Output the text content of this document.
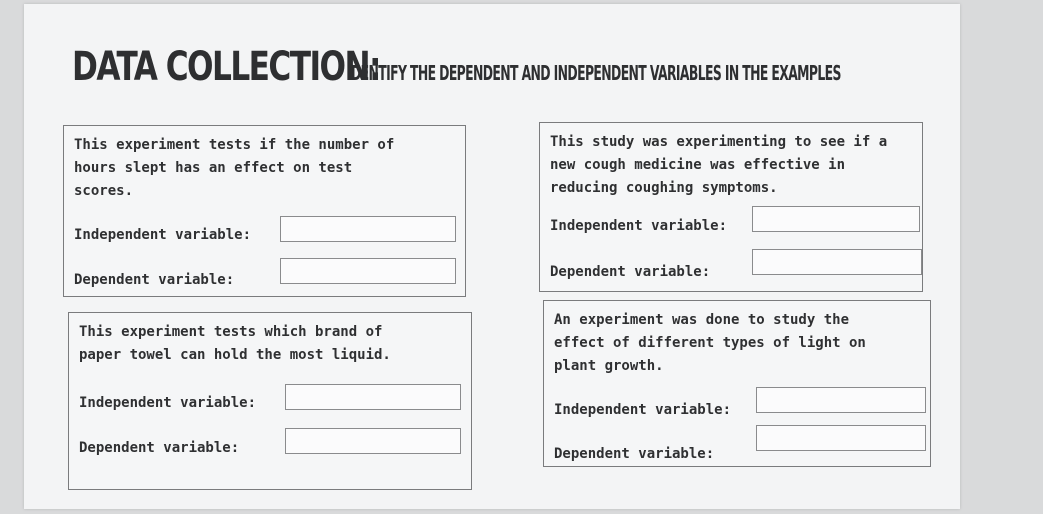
DATA COLLECTION:
IDENTIFY THE DEPENDENT AND INDEPENDENT VARIABLES IN THE EXAMPLES
This experiment tests if the number of
hours slept has an effect on test
scores.
Independent variable:
Dependent variable:
This study was experimenting to see if a
new cough medicine was effective in
reducing coughing symptoms.
Independent variable:
Dependent variable:
This experiment tests which brand of
paper towel can hold the most liquid.
Independent variable:
Dependent variable:
An experiment was done to study the
effect of different types of light on
plant growth.
Independent variable:
Dependent variable:
